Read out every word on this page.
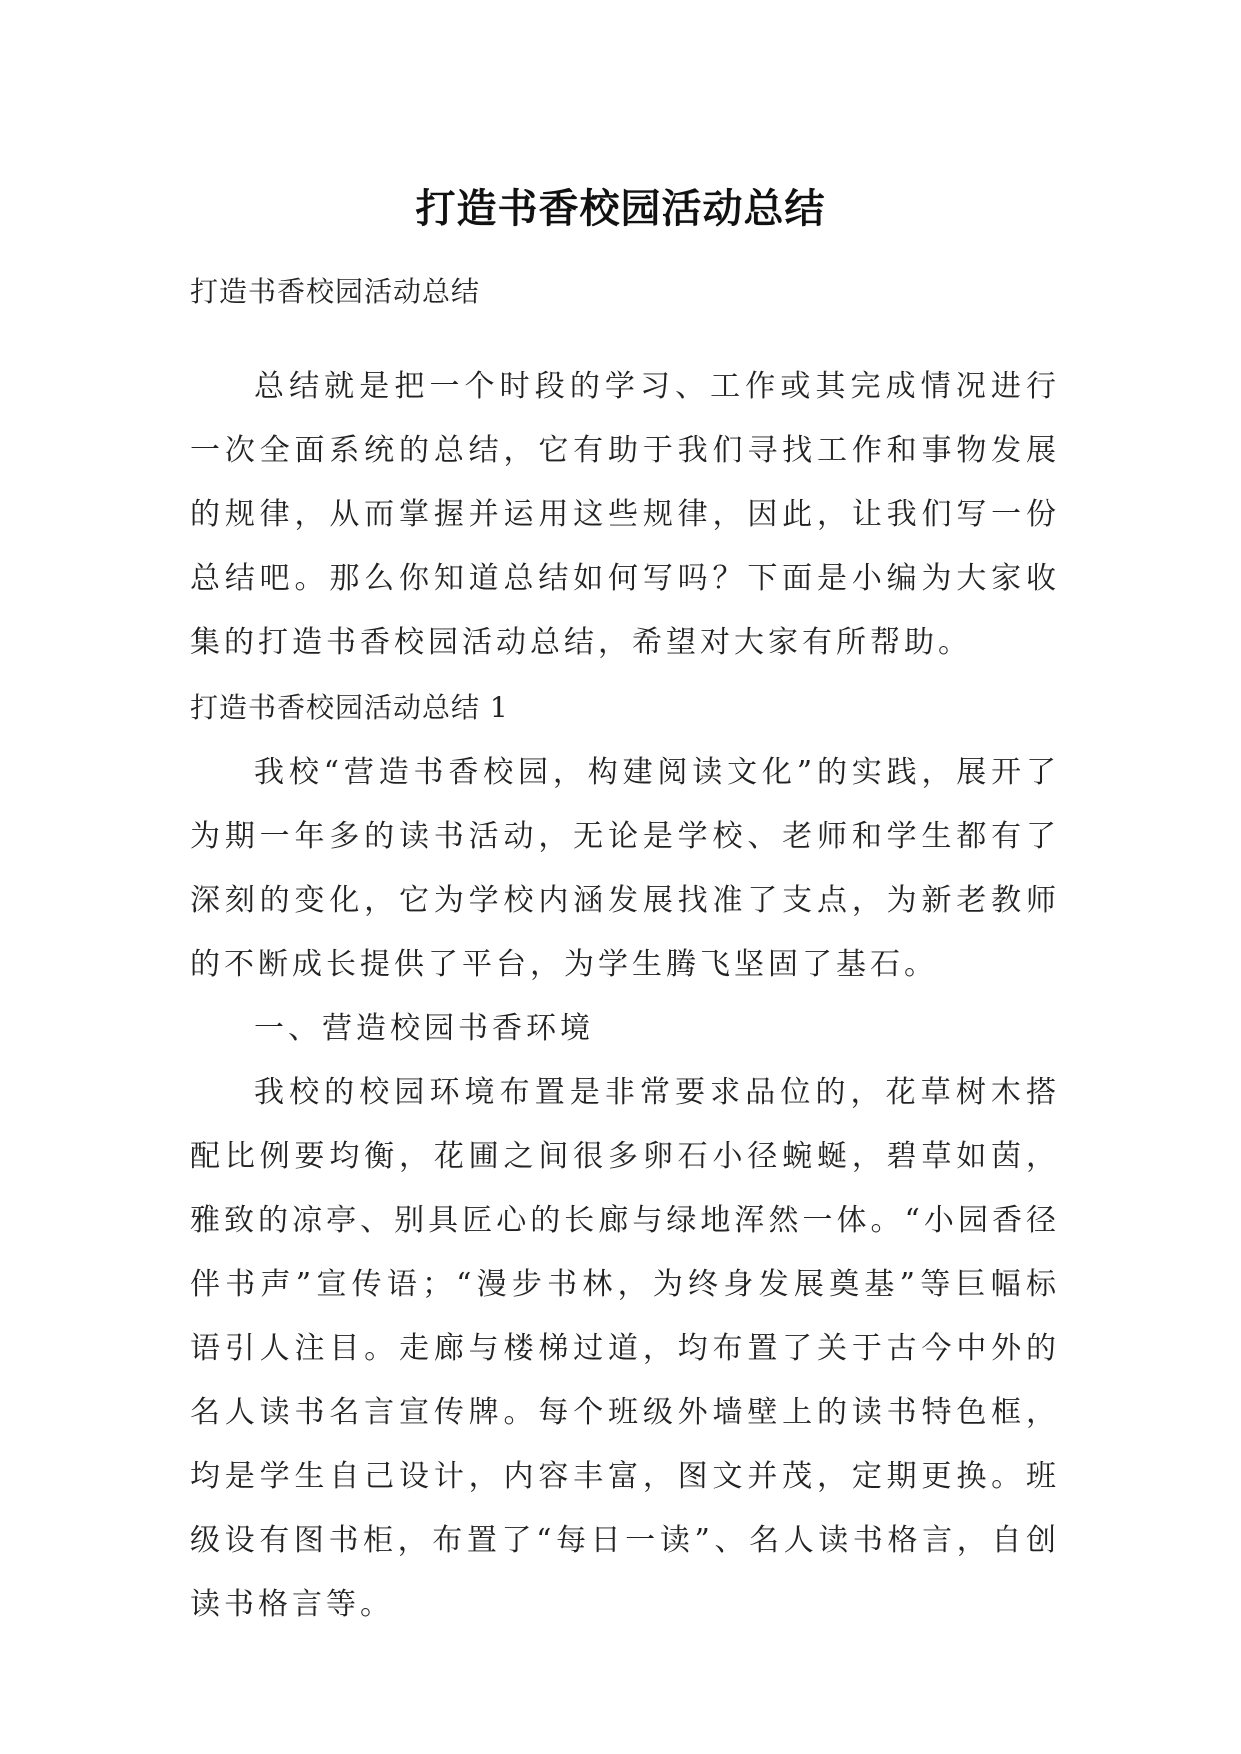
打造书香校园活动总结

打造书香校园活动总结

总结就是把一个时段的学习、工作或其完成情况进行一次全面系统的总结，它有助于我们寻找工作和事物发展的规律，从而掌握并运用这些规律，因此，让我们写一份总结吧。那么你知道总结如何写吗？下面是小编为大家收集的打造书香校园活动总结，希望对大家有所帮助。

打造书香校园活动总结 1

我校“营造书香校园，构建阅读文化”的实践，展开了为期一年多的读书活动，无论是学校、老师和学生都有了深刻的变化，它为学校内涵发展找准了支点，为新老教师的不断成长提供了平台，为学生腾飞坚固了基石。

一、营造校园书香环境

我校的校园环境布置是非常要求品位的，花草树木搭配比例要均衡，花圃之间很多卵石小径蜿蜒，碧草如茵，雅致的凉亭、别具匠心的长廊与绿地浑然一体。“小园香径伴书声”宣传语；“漫步书林，为终身发展奠基”等巨幅标语引人注目。走廊与楼梯过道，均布置了关于古今中外的名人读书名言宣传牌。每个班级外墙壁上的读书特色框，均是学生自己设计，内容丰富，图文并茂，定期更换。班级设有图书柜，布置了“每日一读”、名人读书格言，自创读书格言等。
